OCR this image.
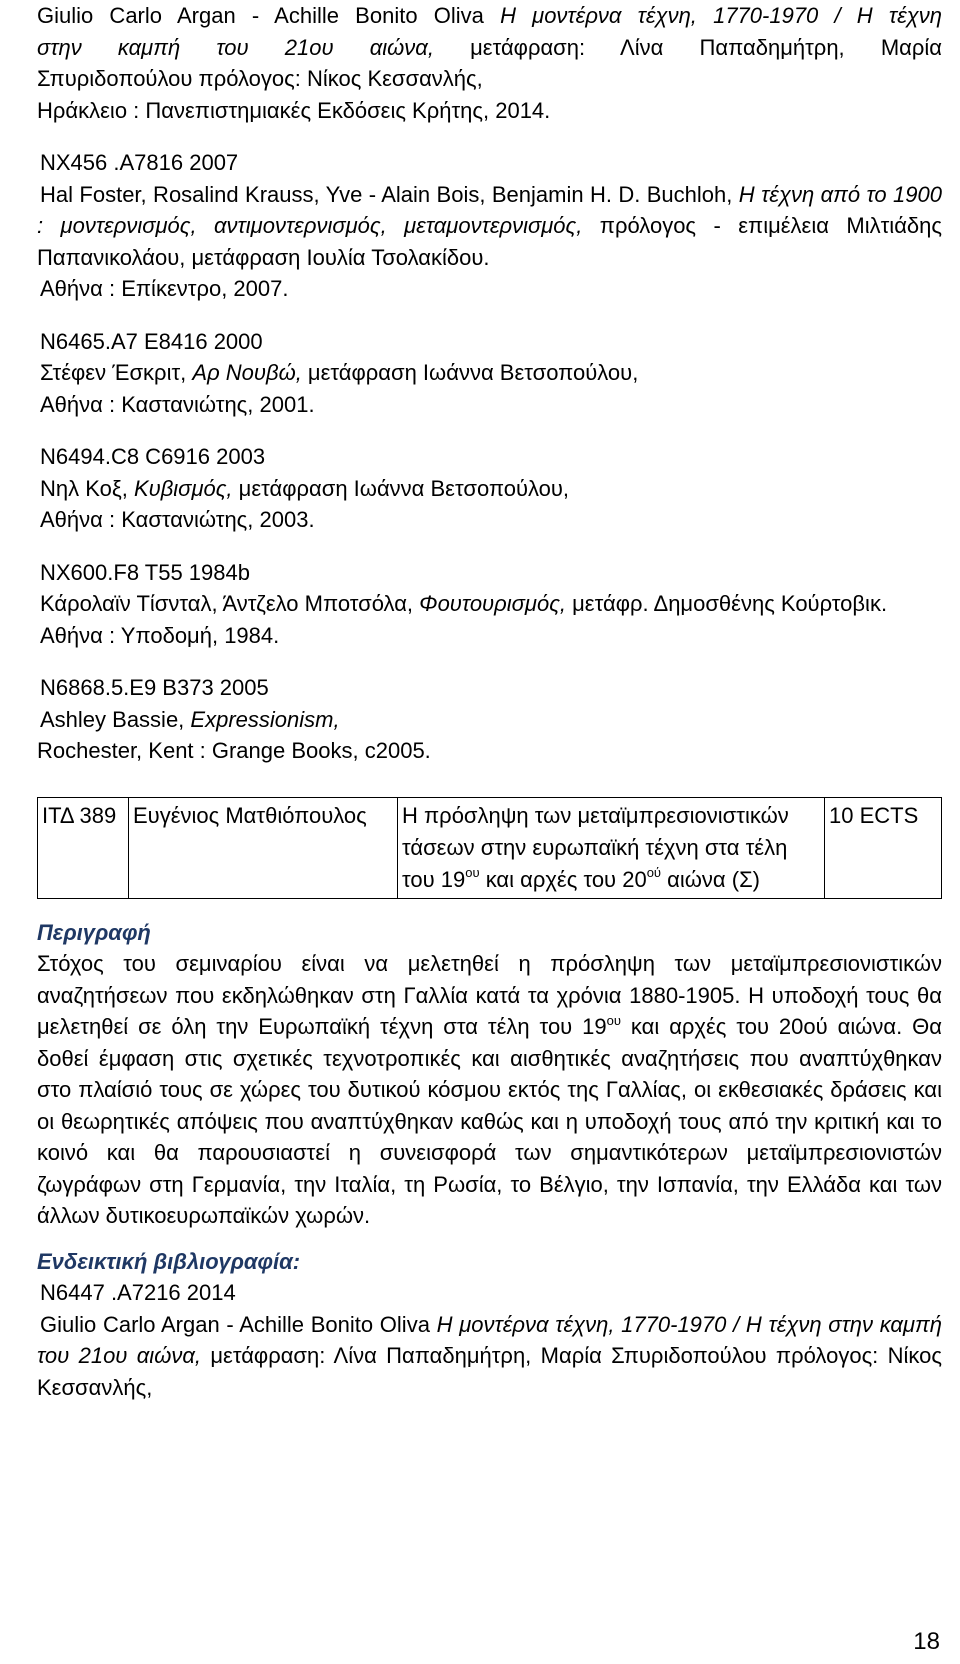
Giulio Carlo Argan - Achille Bonito Oliva Η μοντέρνα τέχνη, 1770-1970 / Η τέχνη
στην καμπή του 21ου αιώνα, μετάφραση: Λίνα Παπαδημήτρη, Μαρία
Σπυριδοπούλου πρόλογος: Νίκος Κεσσανλής,
Ηράκλειο : Πανεπιστημιακές Εκδόσεις Κρήτης, 2014.
NX456 .A7816 2007
Hal Foster, Rosalind Krauss, Yve - Alain Bois, Benjamin H. D. Buchloh, Η τέχνη από το 1900 : μοντερνισμός, αντιμοντερνισμός, μεταμοντερνισμός, πρόλογος - επιμέλεια Μιλτιάδης Παπανικολάου, μετάφραση Ιουλία Τσολακίδου.
Αθήνα : Επίκεντρο, 2007.
N6465.A7 E8416 2000
Στέφεν Έσκριτ, Αρ Νουβώ, μετάφραση Ιωάννα Βετσοπούλου,
Αθήνα : Καστανιώτης, 2001.
N6494.C8 C6916 2003
Νηλ Κοξ, Κυβισμός, μετάφραση Ιωάννα Βετσοπούλου,
Αθήνα : Καστανιώτης, 2003.
NX600.F8 T55 1984b
Κάρολαϊν Τίσνταλ, Άντζελο Μποτσόλα, Φουτουρισμός, μετάφρ. Δημοσθένης Κούρτοβικ.
Αθήνα : Υποδομή, 1984.
N6868.5.E9 B373 2005
Ashley Bassie, Expressionism,
Rochester, Kent : Grange Books, c2005.
ΙΤΔ 389	Ευγένιος Ματθιόπουλος	Η πρόσληψη των μεταϊμπρεσιονιστικών τάσεων στην ευρωπαϊκή τέχνη στα τέλη του $19^{o\upsilon}$ και αρχές του $20^{oύ}$ αιώνα (Σ)	10 ECTS
Περιγραφή
Στόχος του σεμιναρίου είναι να μελετηθεί η πρόσληψη των μεταϊμπρεσιονιστικών αναζητήσεων που εκδηλώθηκαν στη Γαλλία κατά τα χρόνια 1880-1905. Η υποδοχή τους θα μελετηθεί σε όλη την Ευρωπαϊκή τέχνη στα τέλη του $19^{o\upsilon}$ και αρχές του 20ού αιώνα. Θα δοθεί έμφαση στις σχετικές τεχνοτροπικές και αισθητικές αναζητήσεις που αναπτύχθηκαν στο πλαίσιό τους σε χώρες του δυτικού κόσμου εκτός της Γαλλίας, οι εκθεσιακές δράσεις και οι θεωρητικές απόψεις που αναπτύχθηκαν καθώς και η υποδοχή τους από την κριτική και το κοινό και θα παρουσιαστεί η συνεισφορά των σημαντικότερων μεταϊμπρεσιονιστών ζωγράφων στη Γερμανία, την Ιταλία, τη Ρωσία, το Βέλγιο, την Ισπανία, την Ελλάδα και των άλλων δυτικοευρωπαϊκών χωρών.
Ενδεικτική βιβλιογραφία:
N6447 .A7216 2014
Giulio Carlo Argan - Achille Bonito Oliva Η μοντέρνα τέχνη, 1770-1970 / Η τέχνη στην καμπή του 21ου αιώνα, μετάφραση: Λίνα Παπαδημήτρη, Μαρία Σπυριδοπούλου πρόλογος: Νίκος Κεσσανλής,
18
